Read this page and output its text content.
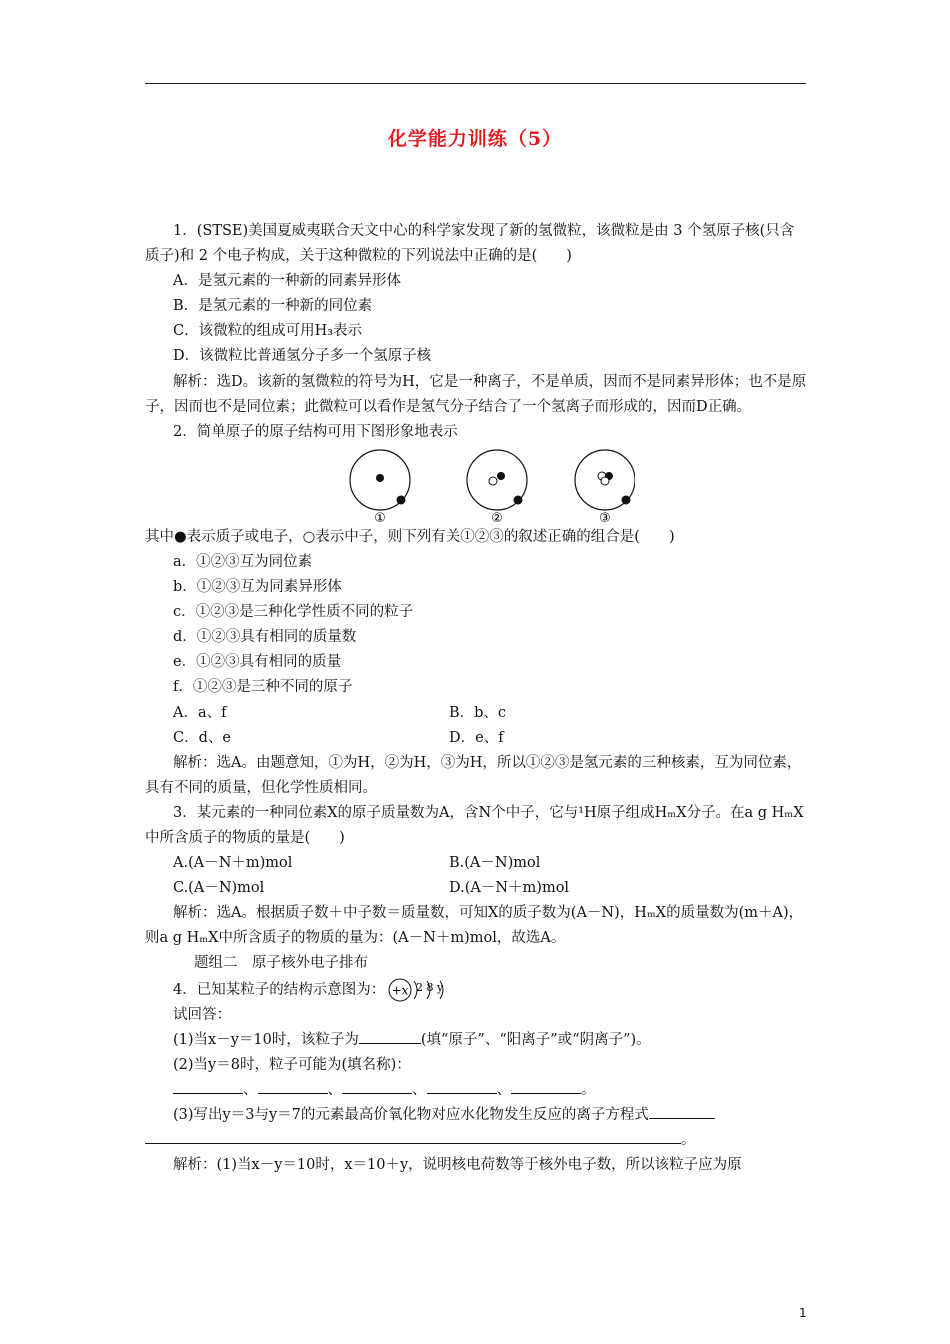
化学能力训练（5）
1．(STSE)美国夏威夷联合天文中心的科学家发现了新的氢微粒，该微粒是由 3 个氢原子核(只含质子)和 2 个电子构成，关于这种微粒的下列说法中正确的是(　　)
A．是氢元素的一种新的同素异形体
B．是氢元素的一种新的同位素
C．该微粒的组成可用H₃表示
D．该微粒比普通氢分子多一个氢原子核
解析：选D。该新的氢微粒的符号为H，它是一种离子，不是单质，因而不是同素异形体；也不是原子，因而也不是同位素；此微粒可以看作是氢气分子结合了一个氢离子而形成的，因而D正确。
2．简单原子的原子结构可用下图形象地表示
①	②	③
其中●表示质子或电子，○表示中子，则下列有关①②③的叙述正确的组合是(　　)
a．①②③互为同位素
b．①②③互为同素异形体
c．①②③是三种化学性质不同的粒子
d．①②③具有相同的质量数
e．①②③具有相同的质量
f．①②③是三种不同的原子
A．a、f	B．b、c
C．d、e	D．e、f
解析：选A。由题意知，①为H，②为H，③为H，所以①②③是氢元素的三种核素，互为同位素，具有不同的质量，但化学性质相同。
3．某元素的一种同位素X的原子质量数为A，含N个中子，它与¹H原子组成HₘX分子。在a g HₘX中所含质子的物质的量是(　　)
A.(A－N＋m)mol	B.(A－N)mol
C.(A－N)mol	D.(A－N＋m)mol
解析：选A。根据质子数＋中子数＝质量数，可知X的质子数为(A－N)，HₘX的质量数为(m＋A)，则a g HₘX中所含质子的物质的量为：(A－N＋m)mol，故选A。
题组二　原子核外电子排布
4．已知某粒子的结构示意图为： +x 2 8 y
试回答：
(1)当x－y＝10时，该粒子为	(填“原子”、“阳离子”或“阴离子”)。
(2)当y＝8时，粒子可能为(填名称)：
、	、	、	、	。
(3)写出y＝3与y＝7的元素最高价氧化物对应水化物发生反应的离子方程式
。
解析：(1)当x－y＝10时，x＝10＋y，说明核电荷数等于核外电子数，所以该粒子应为原
1
